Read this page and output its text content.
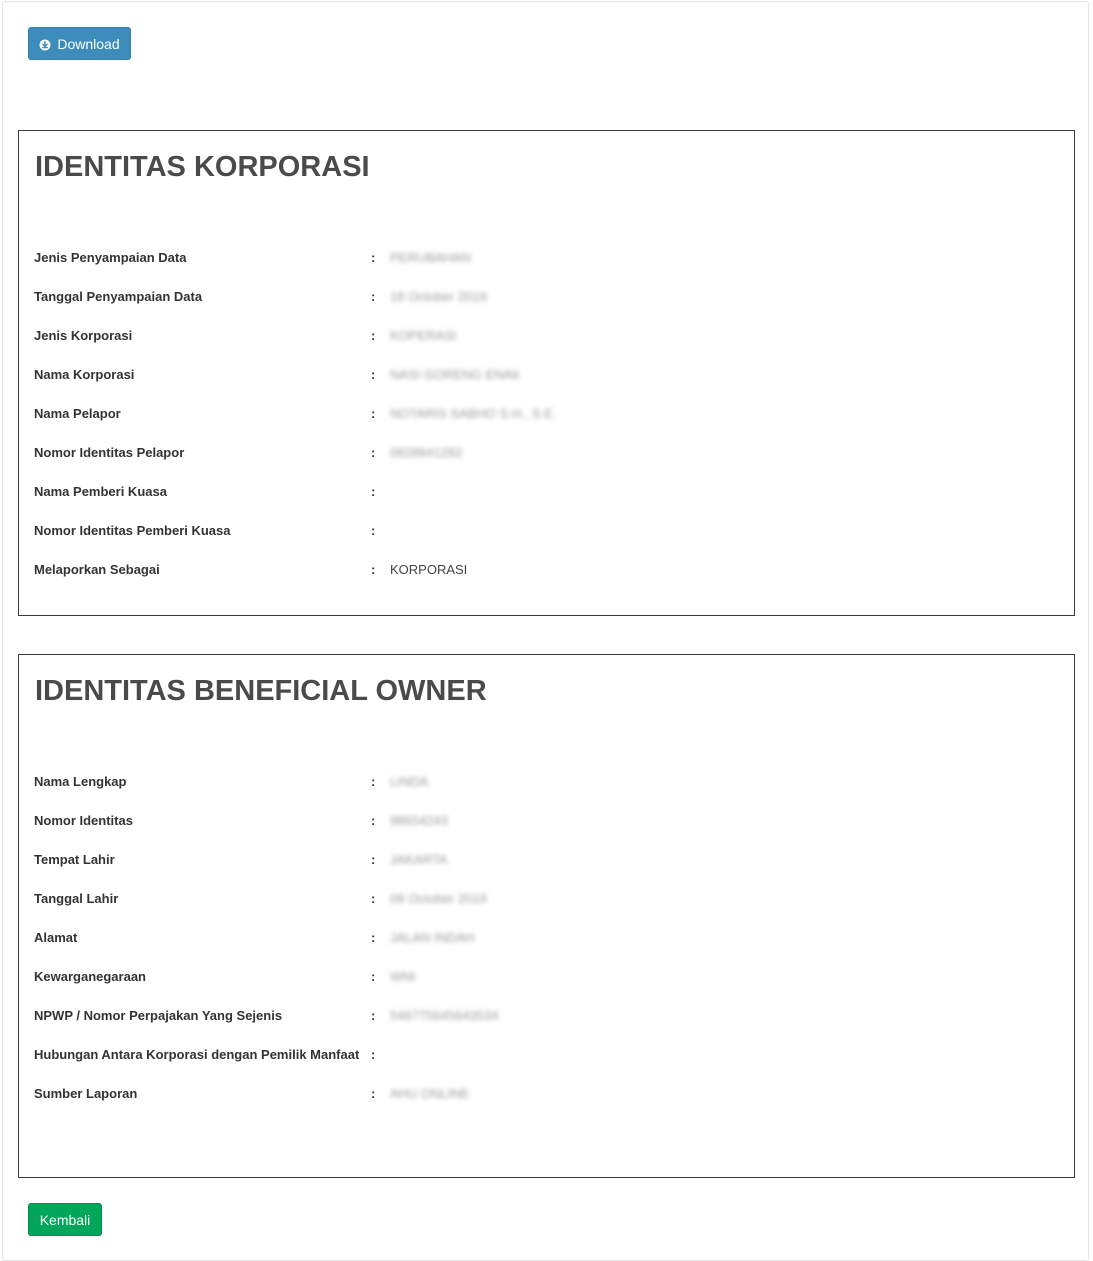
Download
IDENTITAS KORPORASI
Jenis Penyampaian Data	: PERUBAHAN
Tanggal Penyampaian Data	: 18 October 2019
Jenis Korporasi	: KOPERASI
Nama Korporasi	: NASI GORENG ENAK
Nama Pelapor	: NOTARIS SABHO S.H., S.E.
Nomor Identitas Pelapor	: 0828941282
Nama Pemberi Kuasa	:
Nomor Identitas Pemberi Kuasa	:
Melaporkan Sebagai	: KORPORASI
IDENTITAS BENEFICIAL OWNER
Nama Lengkap	: LINDA
Nomor Identitas	: 98654243
Tempat Lahir	: JAKARTA
Tanggal Lahir	: 09 October 2019
Alamat	: JALAN INDAH
Kewarganegaraan	: WNI
NPWP / Nomor Perpajakan Yang Sejenis	: 546775645643534
Hubungan Antara Korporasi dengan Pemilik Manfaat :
Sumber Laporan	: AHU ONLINE
Kembali
